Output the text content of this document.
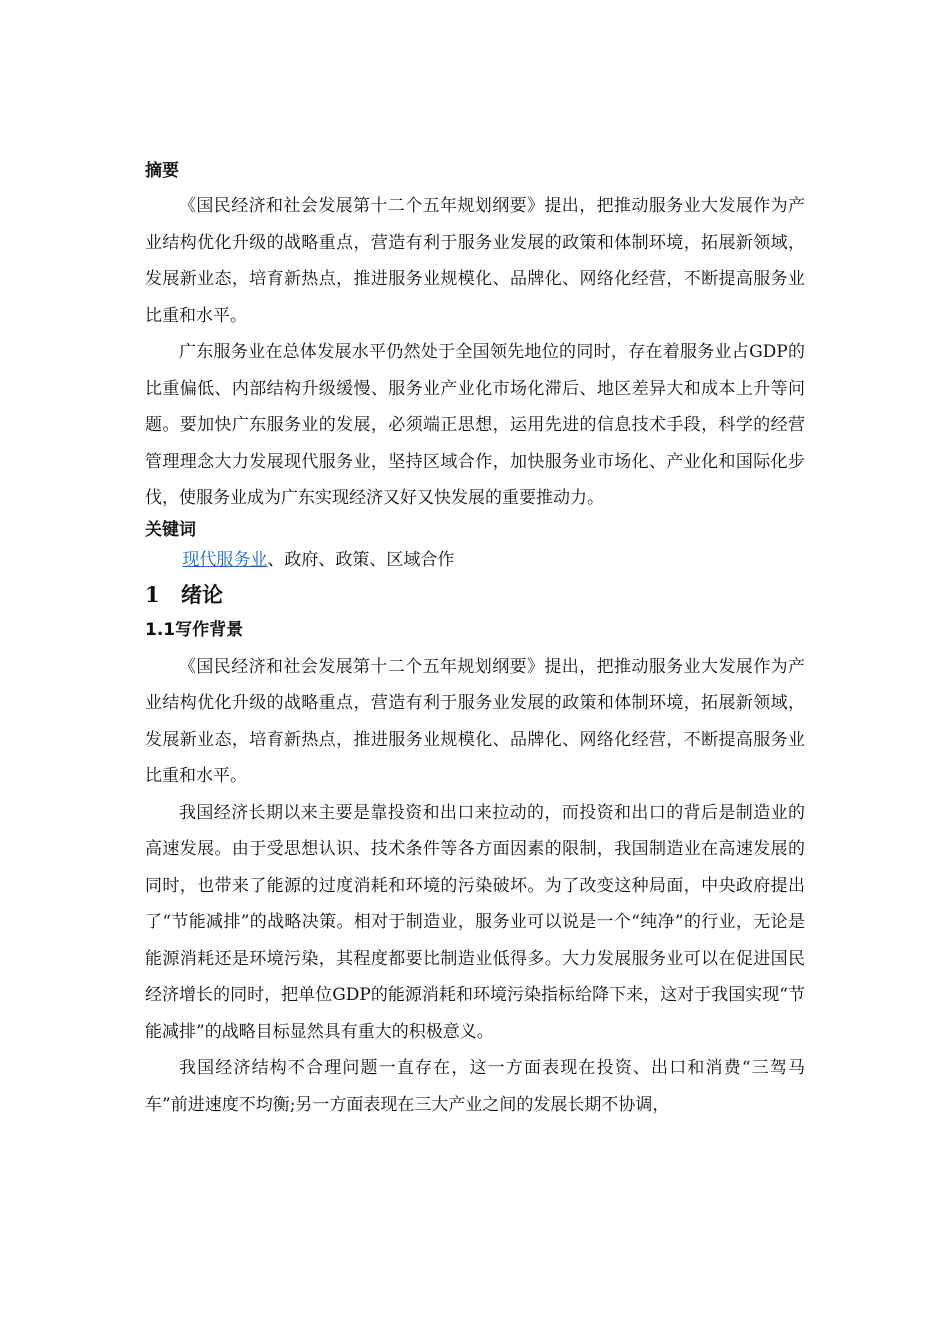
摘要

《国民经济和社会发展第十二个五年规划纲要》提出，把推动服务业大发展作为产业结构优化升级的战略重点，营造有利于服务业发展的政策和体制环境，拓展新领域，发展新业态，培育新热点，推进服务业规模化、品牌化、网络化经营，不断提高服务业比重和水平。

广东服务业在总体发展水平仍然处于全国领先地位的同时，存在着服务业占GDP的比重偏低、内部结构升级缓慢、服务业产业化市场化滞后、地区差异大和成本上升等问题。要加快广东服务业的发展，必须端正思想，运用先进的信息技术手段，科学的经营管理理念大力发展现代服务业，坚持区域合作，加快服务业市场化、产业化和国际化步伐，使服务业成为广东实现经济又好又快发展的重要推动力。

关键词

现代服务业、政府、政策、区域合作

1 绪论
1.1写作背景

《国民经济和社会发展第十二个五年规划纲要》提出，把推动服务业大发展作为产业结构优化升级的战略重点，营造有利于服务业发展的政策和体制环境，拓展新领域，发展新业态，培育新热点，推进服务业规模化、品牌化、网络化经营，不断提高服务业比重和水平。

我国经济长期以来主要是靠投资和出口来拉动的，而投资和出口的背后是制造业的高速发展。由于受思想认识、技术条件等各方面因素的限制，我国制造业在高速发展的同时，也带来了能源的过度消耗和环境的污染破坏。为了改变这种局面，中央政府提出了“节能减排”的战略决策。相对于制造业，服务业可以说是一个“纯净”的行业，无论是能源消耗还是环境污染，其程度都要比制造业低得多。大力发展服务业可以在促进国民经济增长的同时，把单位GDP的能源消耗和环境污染指标给降下来，这对于我国实现“节能减排”的战略目标显然具有重大的积极意义。

我国经济结构不合理问题一直存在，这一方面表现在投资、出口和消费“三驾马车”前进速度不均衡;另一方面表现在三大产业之间的发展长期不协调，
